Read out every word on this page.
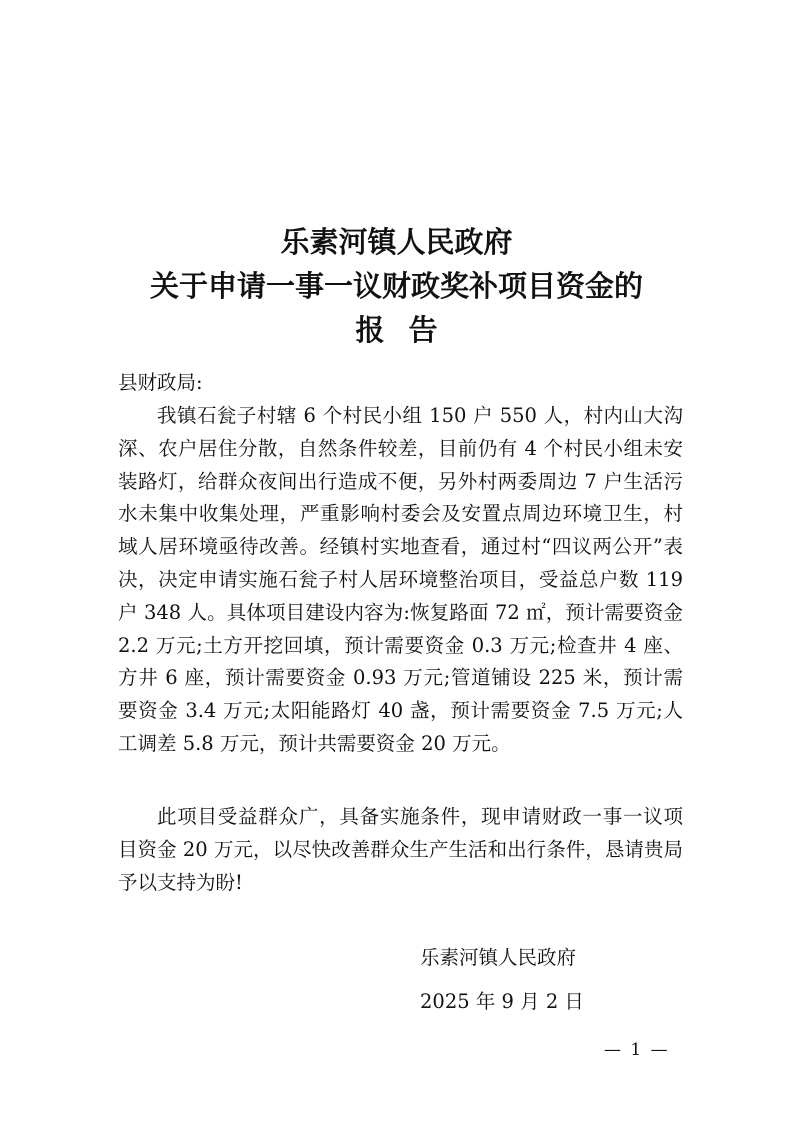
乐素河镇人民政府
关于申请一事一议财政奖补项目资金的
报告
县财政局:
我镇石瓮子村辖 6 个村民小组 150 户 550 人，村内山大沟深、农户居住分散，自然条件较差，目前仍有 4 个村民小组未安装路灯，给群众夜间出行造成不便，另外村两委周边 7 户生活污水未集中收集处理，严重影响村委会及安置点周边环境卫生，村域人居环境亟待改善。经镇村实地查看，通过村“四议两公开”表决，决定申请实施石瓮子村人居环境整治项目，受益总户数 119 户 348 人。具体项目建设内容为:恢复路面 72 ㎡，预计需要资金 2.2 万元;土方开挖回填，预计需要资金 0.3 万元;检查井 4 座、方井 6 座，预计需要资金 0.93 万元;管道铺设 225 米，预计需要资金 3.4 万元;太阳能路灯 40 盏，预计需要资金 7.5 万元;人工调差 5.8 万元，预计共需要资金 20 万元。
此项目受益群众广，具备实施条件，现申请财政一事一议项目资金 20 万元，以尽快改善群众生产生活和出行条件，恳请贵局予以支持为盼!
乐素河镇人民政府
2025 年 9 月 2 日
— 1 —
